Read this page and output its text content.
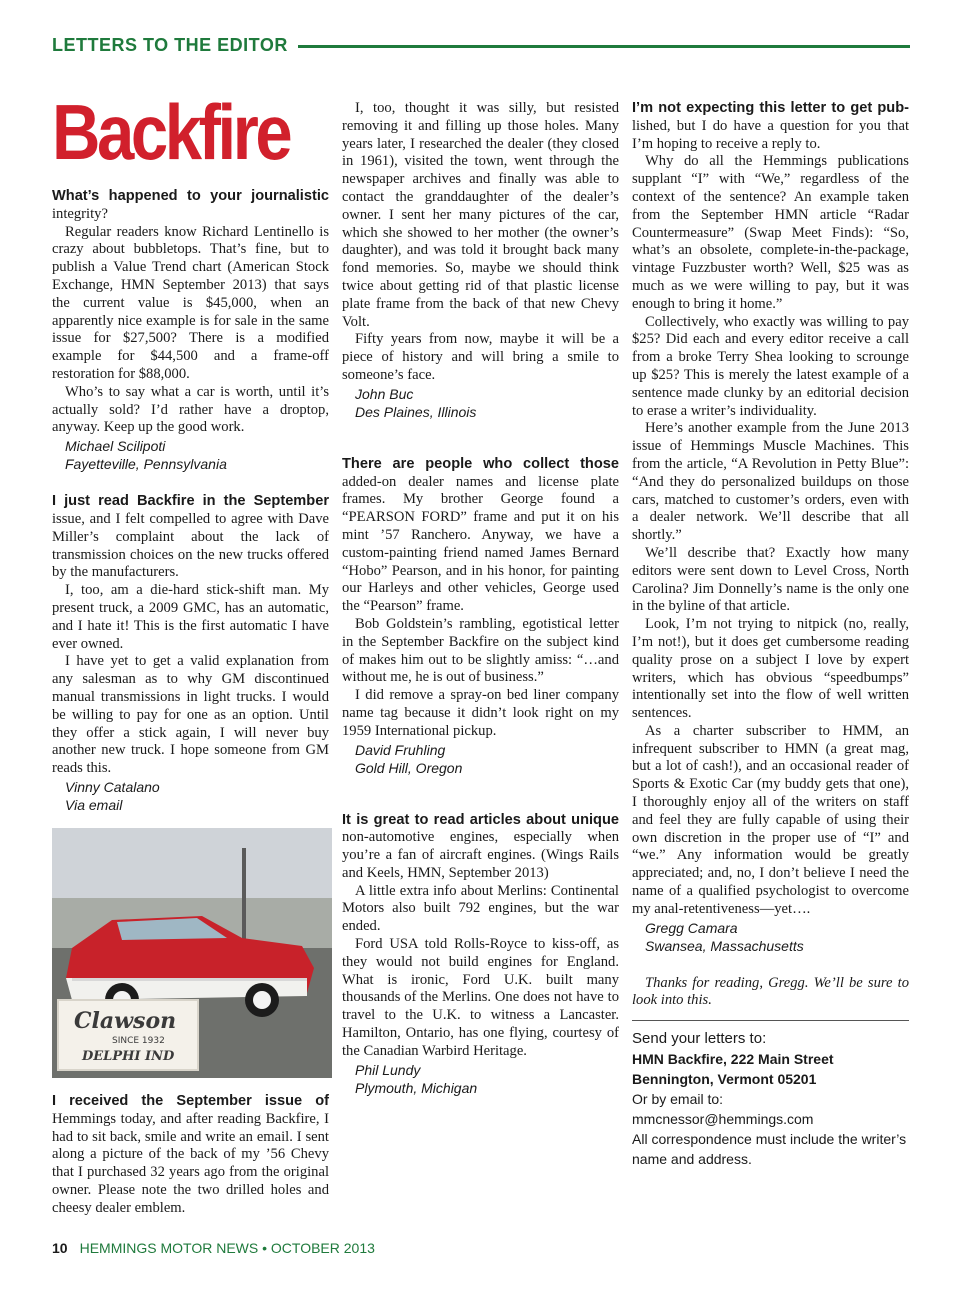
LETTERS TO THE EDITOR
Backfire

What’s happened to your journalistic integrity?

Regular readers know Richard Lentinello is crazy about bubbletops. That’s fine, but to publish a Value Trend chart (American Stock Exchange, HMN September 2013) that says the current value is $45,000, when an apparently nice example is for sale in the same issue for $27,500? There is a modified example for $44,500 and a frame-off restoration for $88,000.

Who’s to say what a car is worth, until it’s actually sold? I’d rather have a droptop, anyway. Keep up the good work.

Michael Scilipoti
Fayetteville, Pennsylvania

I just read Backfire in the September issue, and I felt compelled to agree with Dave Miller’s complaint about the lack of transmission choices on the new trucks offered by the manufacturers.

I, too, am a die-hard stick-shift man. My present truck, a 2009 GMC, has an automatic, and I hate it! This is the first automatic I have ever owned.

I have yet to get a valid explanation from any salesman as to why GM discontinued manual transmissions in light trucks. I would be willing to pay for one as an option. Until they offer a stick again, I will never buy another new truck. I hope someone from GM reads this.

Vinny Catalano
Via email
Clawson
SINCE 1932
DELPHI IND

I received the September issue of Hemmings today, and after reading Backfire, I had to sit back, smile and write an email. I sent along a picture of the back of my ’56 Chevy that I purchased 32 years ago from the original owner. Please note the two drilled holes and cheesy dealer emblem.

I, too, thought it was silly, but resisted removing it and filling up those holes. Many years later, I researched the dealer (they closed in 1961), visited the town, went through the newspaper archives and finally was able to contact the granddaughter of the dealer’s owner. I sent her many pictures of the car, which she showed to her mother (the owner’s daughter), and was told it brought back many fond memories. So, maybe we should think twice about getting rid of that plastic license plate frame from the back of that new Chevy Volt.

Fifty years from now, maybe it will be a piece of history and will bring a smile to someone’s face.

John Buc
Des Plaines, Illinois

There are people who collect those added-on dealer names and license plate frames. My brother George found a “PEARSON FORD” frame and put it on his mint ’57 Ranchero. Anyway, we have a custom-painting friend named James Bernard “Hobo” Pearson, and in his honor, for painting our Harleys and other vehicles, George used the “Pearson” frame.

Bob Goldstein’s rambling, egotistical letter in the September Backfire on the subject kind of makes him out to be slightly amiss: “…and without me, he is out of business.”

I did remove a spray-on bed liner company name tag because it didn’t look right on my 1959 International pickup.

David Fruhling
Gold Hill, Oregon

It is great to read articles about unique non-automotive engines, especially when you’re a fan of aircraft engines. (Wings Rails and Keels, HMN, September 2013)

A little extra info about Merlins: Continental Motors also built 792 engines, but the war ended.

Ford USA told Rolls-Royce to kiss-off, as they would not build engines for England. What is ironic, Ford U.K. built many thousands of the Merlins. One does not have to travel to the U.K. to witness a Lancaster. Hamilton, Ontario, has one flying, courtesy of the Canadian Warbird Heritage.

Phil Lundy
Plymouth, Michigan

I’m not expecting this letter to get pub-lished, but I do have a question for you that I’m hoping to receive a reply to.

Why do all the Hemmings publications supplant “I” with “We,” regardless of the context of the sentence? An example taken from the September HMN article “Radar Countermeasure” (Swap Meet Finds): “So, what’s an obsolete, complete-in-the-package, vintage Fuzzbuster worth? Well, $25 was as much as we were willing to pay, but it was enough to bring it home.”

Collectively, who exactly was willing to pay $25? Did each and every editor receive a call from a broke Terry Shea looking to scrounge up $25? This is merely the latest example of a sentence made clunky by an editorial decision to erase a writer’s individuality.

Here’s another example from the June 2013 issue of Hemmings Muscle Machines. This from the article, “A Revolution in Petty Blue”: “And they do personalized buildups on those cars, matched to customer’s orders, even with a dealer network. We’ll describe that all shortly.”

We’ll describe that? Exactly how many editors were sent down to Level Cross, North Carolina? Jim Donnelly’s name is the only one in the byline of that article.

Look, I’m not trying to nitpick (no, really, I’m not!), but it does get cumbersome reading quality prose on a subject I love by expert writers, which has obvious “speedbumps” intentionally set into the flow of well written sentences.

As a charter subscriber to HMM, an infrequent subscriber to HMN (a great mag, but a lot of cash!), and an occasional reader of Sports & Exotic Car (my buddy gets that one), I thoroughly enjoy all of the writers on staff and feel they are fully capable of using their own discretion in the proper use of “I” and “we.” Any information would be greatly appreciated; and, no, I don’t believe I need the name of a qualified psychologist to overcome my anal-retentiveness—yet….

Gregg Camara
Swansea, Massachusetts

Thanks for reading, Gregg. We’ll be sure to look into this.

Send your letters to:
HMN Backfire, 222 Main Street
Bennington, Vermont 05201
Or by email to:
mmcnessor@hemmings.com
All correspondence must include the writer’s name and address.
10 HEMMINGS MOTOR NEWS • OCTOBER 2013
